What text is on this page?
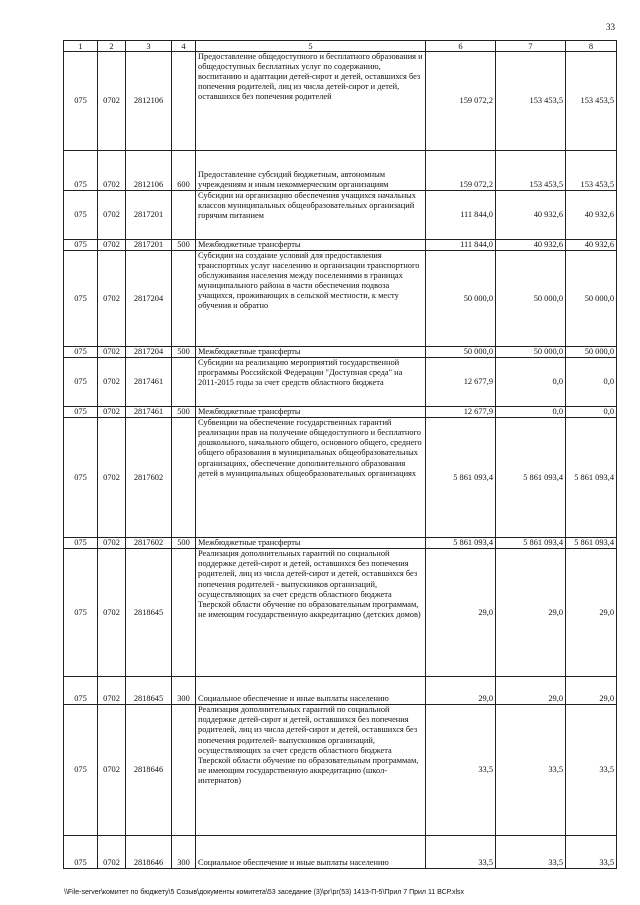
33
1	2	3	4	5	6	7	8
075	0702	2812106		Предоставление общедоступного и бесплатного образования и общедоступных бесплатных услуг по содержанию, воспитанию и адаптации детей-сирот и детей, оставшихся без попечения родителей, лиц из числа детей-сирот и детей, оставшихся без попечения родителей	159 072,2	153 453,5	153 453,5
075	0702	2812106	600	Предоставление субсидий бюджетным, автономным учреждениям и иным некоммерческим организациям	159 072,2	153 453,5	153 453,5
075	0702	2817201		Субсидии на организацию обеспечения учащихся начальных классов муниципальных общеобразовательных организаций горячим питанием	111 844,0	40 932,6	40 932,6
075	0702	2817201	500	Межбюджетные трансферты	111 844,0	40 932,6	40 932,6
075	0702	2817204		Субсидии на создание условий для предоставления транспортных услуг населению и организации транспортного обслуживания населения между поселениями в границах муниципального района в части обеспечения подвоза учащихся, проживающих в сельской местности, к месту обучения и обратно	50 000,0	50 000,0	50 000,0
075	0702	2817204	500	Межбюджетные трансферты	50 000,0	50 000,0	50 000,0
075	0702	2817461		Субсидии на реализацию мероприятий государственной программы Российской Федерации "Доступная среда" на 2011-2015 годы за счет средств областного бюджета	12 677,9	0,0	0,0
075	0702	2817461	500	Межбюджетные трансферты	12 677,9	0,0	0,0
075	0702	2817602		Субвенции на обеспечение государственных гарантий реализации прав на получение общедоступного и бесплатного дошкольного, начального общего, основного общего, среднего общего образования в муниципальных общеобразовательных организациях, обеспечение дополнительного образования детей в муниципальных общеобразовательных организациях	5 861 093,4	5 861 093,4	5 861 093,4
075	0702	2817602	500	Межбюджетные трансферты	5 861 093,4	5 861 093,4	5 861 093,4
075	0702	2818645		Реализация дополнительных гарантий по социальной поддержке детей-сирот и детей, оставшихся без попечения родителей, лиц из числа детей-сирот и детей, оставшихся без попечения родителей - выпускников организаций, осуществляющих за счет средств областного бюджета Тверской области обучение по образовательным программам, не имеющим государственную аккредитацию (детских домов)	29,0	29,0	29,0
075	0702	2818645	300	Социальное обеспечение и иные выплаты населению	29,0	29,0	29,0
075	0702	2818646		Реализация дополнительных гарантий по социальной поддержке детей-сирот и детей, оставшихся без попечения родителей, лиц из числа детей-сирот и детей, оставшихся без попечения родителей- выпускников организаций, осуществляющих за счет средств областного бюджета Тверской области обучение по образовательным программам, не имеющим государственную аккредитацию (школ-интернатов)	33,5	33,5	33,5
075	0702	2818646	300	Социальное обеспечение и иные выплаты населению	33,5	33,5	33,5
\\File-server\комитет по бюджету\5 Созыв\документы комитета\53 заседание (3)\рг\рг(53) 1413-П-5\Прил 7 Прил 11 ВСР.xlsx
